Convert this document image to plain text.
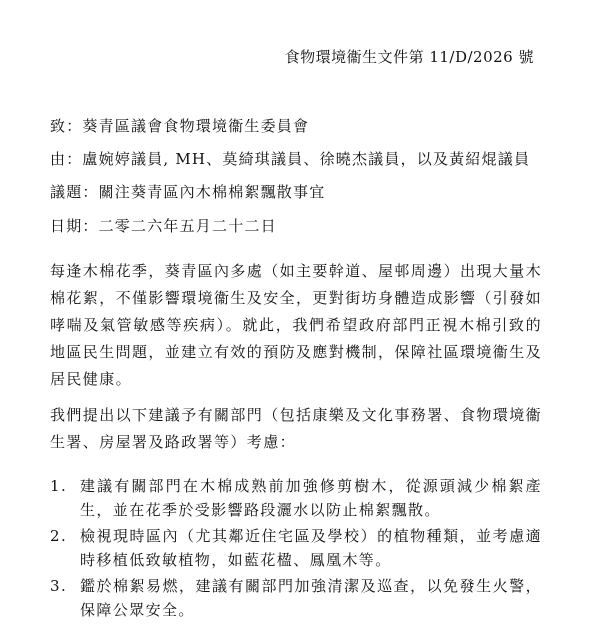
食物環境衞生文件第 11/D/2026 號
致：葵青區議會食物環境衞生委員會
由：盧婉婷議員, MH、莫綺琪議員、徐曉杰議員，以及黃紹焜議員
議題：關注葵青區內木棉棉絮飄散事宜
日期：二零二六年五月二十二日

每逢木棉花季，葵青區內多處（如主要幹道、屋邨周邊）出現大量木棉花絮，不僅影響環境衞生及安全，更對街坊身體造成影響（引發如哮喘及氣管敏感等疾病）。就此，我們希望政府部門正視木棉引致的地區民生問題，並建立有效的預防及應對機制，保障社區環境衞生及居民健康。

我們提出以下建議予有關部門（包括康樂及文化事務署、食物環境衞生署、房屋署及路政署等）考慮：

1. 建議有關部門在木棉成熟前加強修剪樹木，從源頭減少棉絮產生，並在花季於受影響路段灑水以防止棉絮飄散。
2. 檢視現時區內（尤其鄰近住宅區及學校）的植物種類，並考慮適時移植低致敏植物，如藍花楹、鳳凰木等。
3. 鑑於棉絮易燃，建議有關部門加強清潔及巡查，以免發生火警，保障公眾安全。
